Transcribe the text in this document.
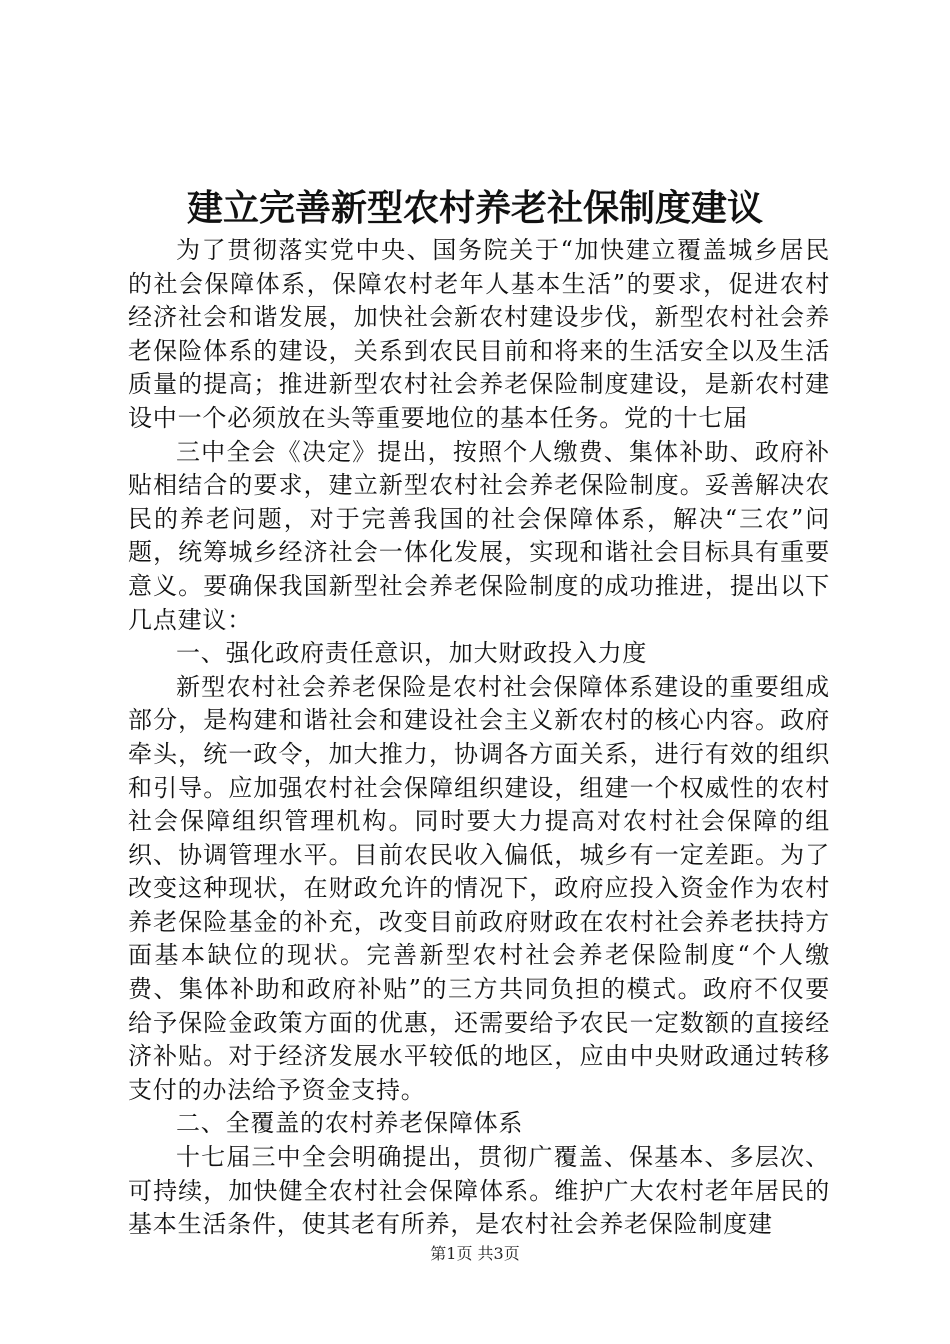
建立完善新型农村养老社保制度建议

为了贯彻落实党中央、国务院关于“加快建立覆盖城乡居民的社会保障体系，保障农村老年人基本生活”的要求，促进农村经济社会和谐发展，加快社会新农村建设步伐，新型农村社会养老保险体系的建设，关系到农民目前和将来的生活安全以及生活质量的提高；推进新型农村社会养老保险制度建设，是新农村建设中一个必须放在头等重要地位的基本任务。党的十七届

三中全会《决定》提出，按照个人缴费、集体补助、政府补贴相结合的要求，建立新型农村社会养老保险制度。妥善解决农民的养老问题，对于完善我国的社会保障体系，解决“三农”问题，统筹城乡经济社会一体化发展，实现和谐社会目标具有重要意义。要确保我国新型社会养老保险制度的成功推进，提出以下几点建议：

一、强化政府责任意识，加大财政投入力度

新型农村社会养老保险是农村社会保障体系建设的重要组成部分，是构建和谐社会和建设社会主义新农村的核心内容。政府牵头，统一政令，加大推力，协调各方面关系，进行有效的组织和引导。应加强农村社会保障组织建设，组建一个权威性的农村社会保障组织管理机构。同时要大力提高对农村社会保障的组织、协调管理水平。目前农民收入偏低，城乡有一定差距。为了改变这种现状，在财政允许的情况下，政府应投入资金作为农村养老保险基金的补充，改变目前政府财政在农村社会养老扶持方面基本缺位的现状。完善新型农村社会养老保险制度“个人缴费、集体补助和政府补贴”的三方共同负担的模式。政府不仅要给予保险金政策方面的优惠，还需要给予农民一定数额的直接经济补贴。对于经济发展水平较低的地区，应由中央财政通过转移支付的办法给予资金支持。

二、全覆盖的农村养老保障体系

十七届三中全会明确提出，贯彻广覆盖、保基本、多层次、可持续，加快健全农村社会保障体系。维护广大农村老年居民的基本生活条件，使其老有所养，是农村社会养老保险制度建

第1页 共3页
